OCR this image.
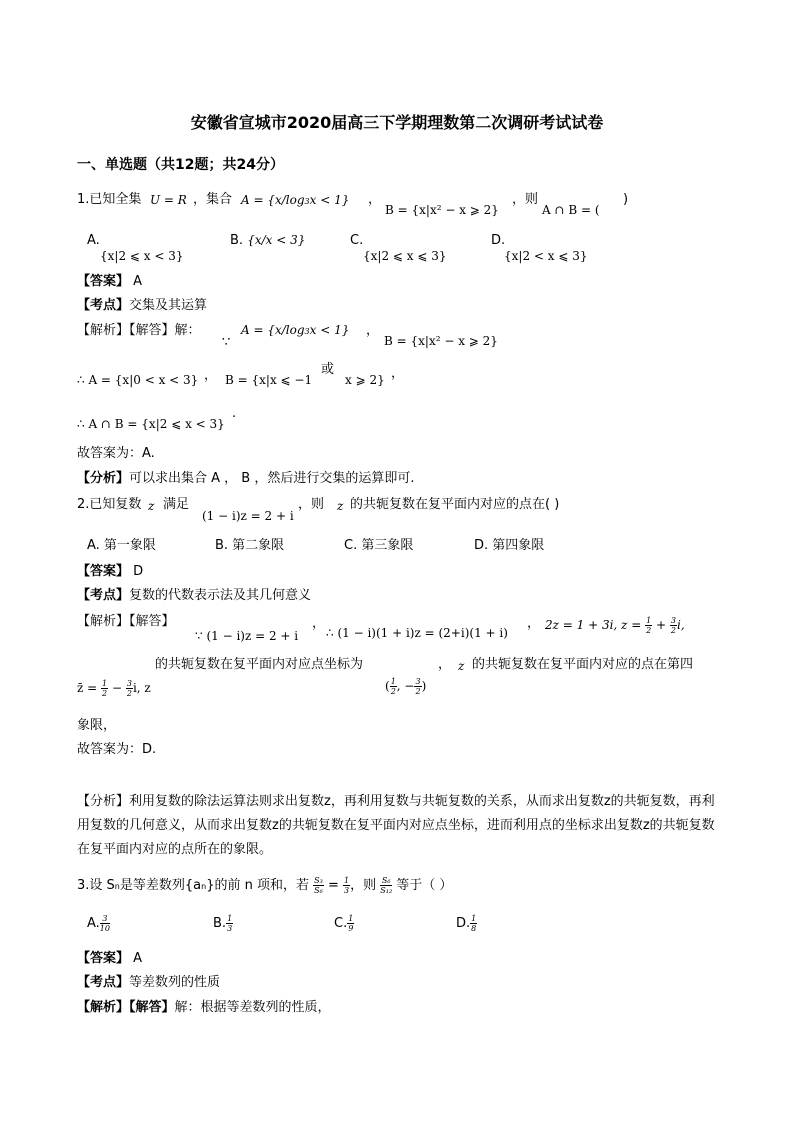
安徽省宣城市2020届高三下学期理数第二次调研考试试卷
一、单选题（共12题；共24分）
1.已知全集 U = R ，集合 A = {x/log3x < 1} ，
B = {x|x² − x ⩾ 2}
，则
A ∩ B = (
)
A.
{x|2 ⩽ x < 3}
B. {x/x < 3}	C.
{x|2 ⩽ x ⩽ 3}
D.
{x|2 < x ⩽ 3}
【答案】 A
【考点】交集及其运算
【解析】【解答】解：
∵
A = {x/log3x < 1} ，
B = {x|x² − x ⩾ 2}
∴ A = {x|0 < x < 3} ， B = {x|x ⩽ −1
或
x ⩾ 2} ，
∴ A ∩ B = {x|2 ⩽ x < 3}
.
故答案为：A.
【分析】可以求出集合 A ， B ，然后进行交集的运算即可.
2.已知复数 z 满足
(1 − i)z = 2 + i
，则 z 的共轭复数在复平面内对应的点在( )
A. 第一象限	B. 第二象限	C. 第三象限	D. 第四象限
【答案】 D
【考点】复数的代数表示法及其几何意义
【解析】【解答】
∵ (1 − i)z = 2 + i
，
∴ (1 − i)(1 + i)z = (2+i)(1 + i)
， 2z = 1 + 3i, $z = \frac{1}{2} + \frac{3}{2} i$,
z̄ = $\frac{1}{2} - \frac{3}{2} i$, z
的共轭复数在复平面内对应点坐标为
( $\frac{1}{2}$ , − $\frac{3}{2}$ )
， z 的共轭复数在复平面内对应的点在第四
象限，
故答案为：D.
【分析】利用复数的除法运算法则求出复数z，再利用复数与共轭复数的关系，从而求出复数z的共轭复数，再利用复数的几何意义，从而求出复数z的共轭复数在复平面内对应点坐标，进而利用点的坐标求出复数z的共轭复数在复平面内对应的点所在的象限。
3.设 Sn是等差数列{an}的前 n 项和，若 $\frac{\text{S₃}}{\text{S₆}} = \frac{1}{3}$ ，则 $\frac{\text{S₆}}{\text{S₁₂}}$ 等于（ ）
A. $\frac{3}{10}$	B. $\frac{1}{3}$	C. $\frac{1}{9}$	D. $\frac{1}{8}$
【答案】 A
【考点】等差数列的性质
【解析】【解答】解：根据等差数列的性质，
